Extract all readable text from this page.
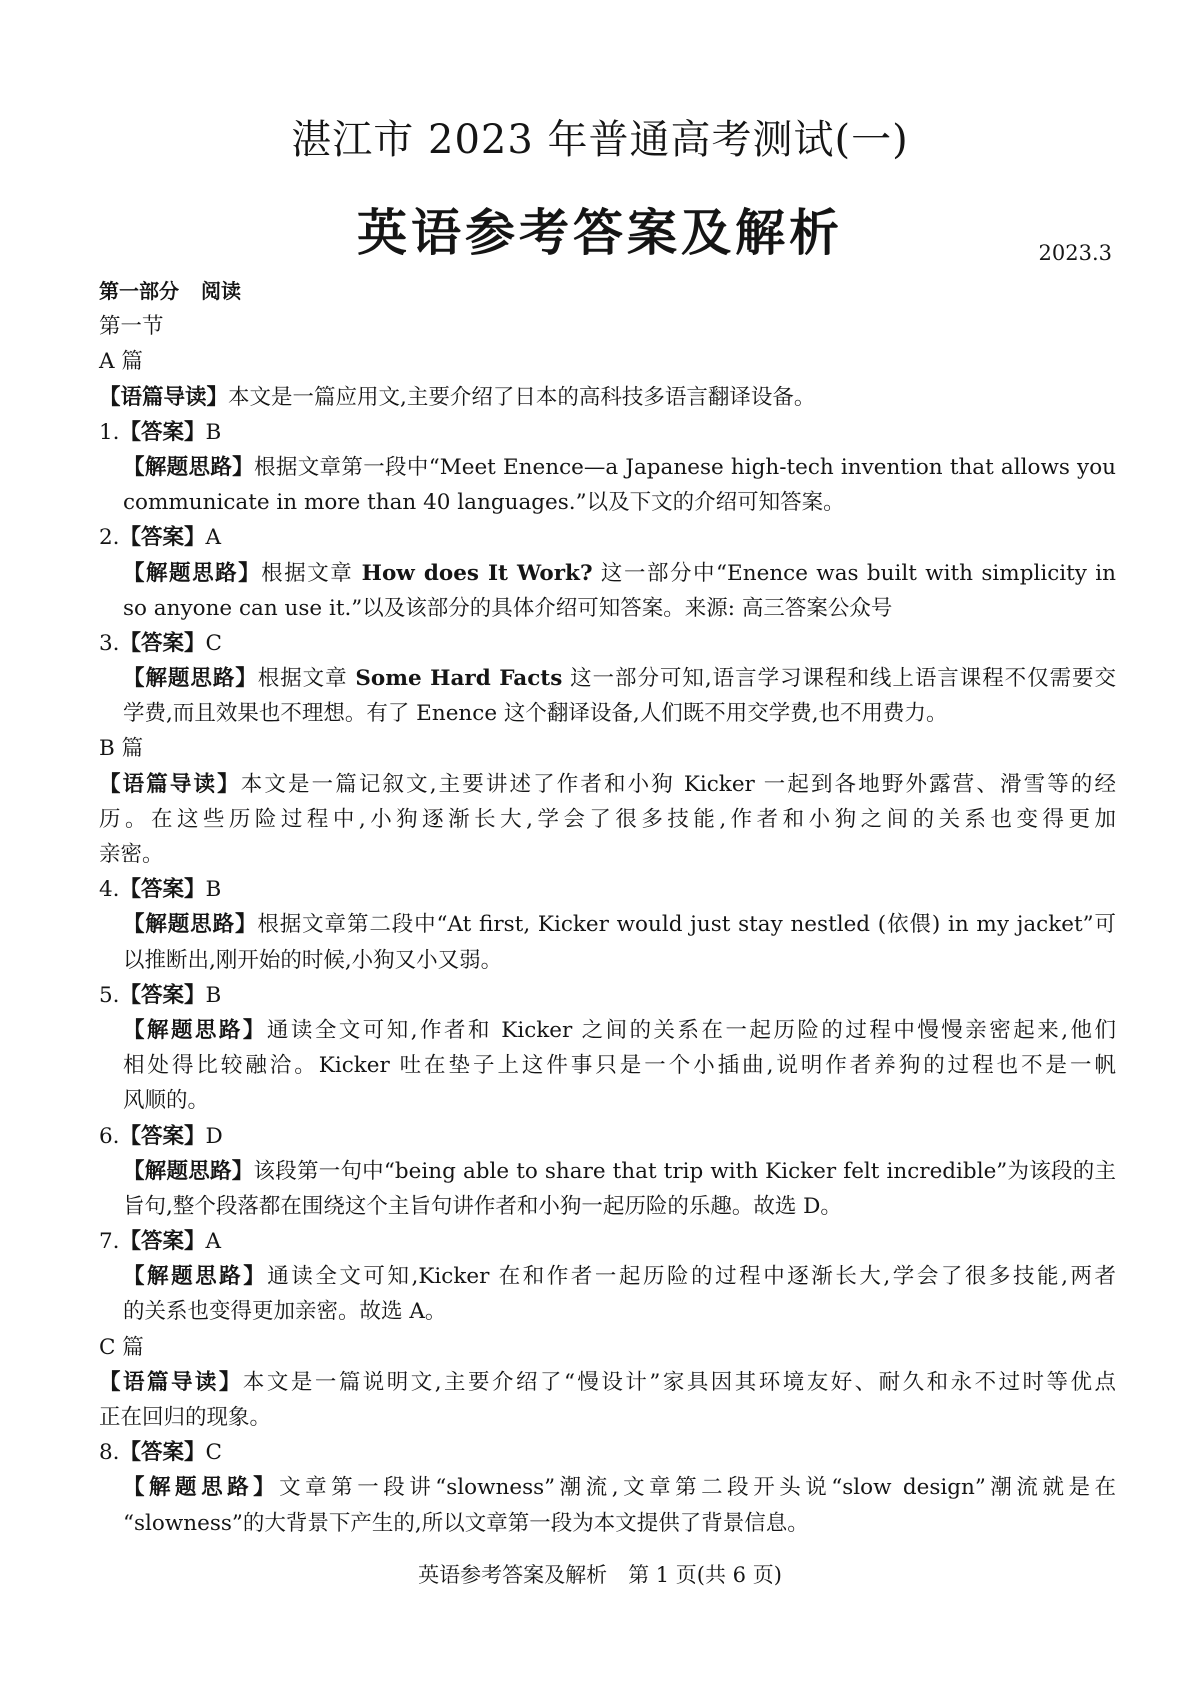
湛江市 2023 年普通高考测试(一)
英语参考答案及解析	2023.3
第一部分 阅读
第一节
A 篇
【语篇导读】本文是一篇应用文,主要介绍了日本的高科技多语言翻译设备。
1.【答案】B
【解题思路】根据文章第一段中“Meet Enence—a Japanese high-tech invention that allows you
communicate in more than 40 languages.”以及下文的介绍可知答案。
2.【答案】A
【解题思路】根据文章 How does It Work? 这一部分中“Enence was built with simplicity in
so anyone can use it.”以及该部分的具体介绍可知答案。来源: 高三答案公众号
3.【答案】C
【解题思路】根据文章 Some Hard Facts 这一部分可知,语言学习课程和线上语言课程不仅需要交
学费,而且效果也不理想。有了 Enence 这个翻译设备,人们既不用交学费,也不用费力。
B 篇
【语篇导读】本文是一篇记叙文,主要讲述了作者和小狗 Kicker 一起到各地野外露营、滑雪等的经
历。在这些历险过程中,小狗逐渐长大,学会了很多技能,作者和小狗之间的关系也变得更加
亲密。
4.【答案】B
【解题思路】根据文章第二段中“At first, Kicker would just stay nestled (依偎) in my jacket”可
以推断出,刚开始的时候,小狗又小又弱。
5.【答案】B
【解题思路】通读全文可知,作者和 Kicker 之间的关系在一起历险的过程中慢慢亲密起来,他们
相处得比较融洽。Kicker 吐在垫子上这件事只是一个小插曲,说明作者养狗的过程也不是一帆
风顺的。
6.【答案】D
【解题思路】该段第一句中“being able to share that trip with Kicker felt incredible”为该段的主
旨句,整个段落都在围绕这个主旨句讲作者和小狗一起历险的乐趣。故选 D。
7.【答案】A
【解题思路】通读全文可知,Kicker 在和作者一起历险的过程中逐渐长大,学会了很多技能,两者
的关系也变得更加亲密。故选 A。
C 篇
【语篇导读】本文是一篇说明文,主要介绍了“慢设计”家具因其环境友好、耐久和永不过时等优点
正在回归的现象。
8.【答案】C
【解题思路】文章第一段讲“slowness”潮流,文章第二段开头说“slow design”潮流就是在
“slowness”的大背景下产生的,所以文章第一段为本文提供了背景信息。
英语参考答案及解析　第 1 页(共 6 页)
